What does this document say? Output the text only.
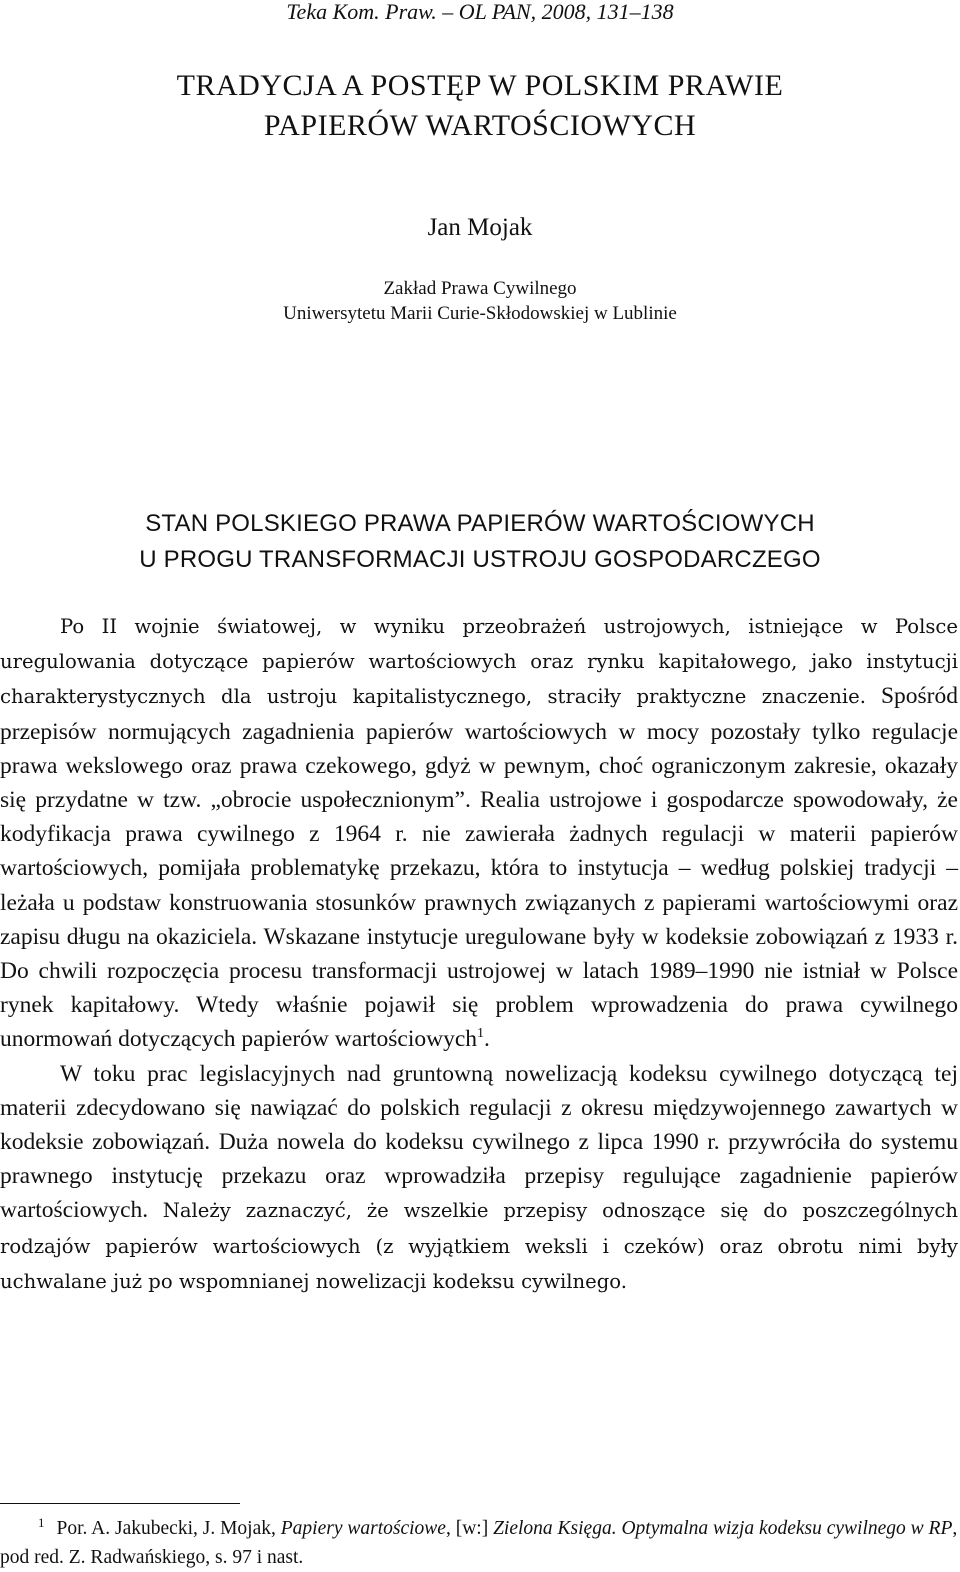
Teka Kom. Praw. – OL PAN, 2008, 131–138
TRADYCJA A POSTĘP W POLSKIM PRAWIE
PAPIERÓW WARTOŚCIOWYCH
Jan Mojak
Zakład Prawa Cywilnego
Uniwersytetu Marii Curie-Skłodowskiej w Lublinie
STAN POLSKIEGO PRAWA PAPIERÓW WARTOŚCIOWYCH
U PROGU TRANSFORMACJI USTROJU GOSPODARCZEGO

Po II wojnie światowej, w wyniku przeobrażeń ustrojowych, istniejące w Polsce uregulowania dotyczące papierów wartościowych oraz rynku kapitałowego, jako instytucji charakterystycznych dla ustroju kapitalistycznego, straciły praktyczne znaczenie. Spośród przepisów normujących zagadnienia papierów wartościowych w mocy pozostały tylko regulacje prawa wekslowego oraz prawa czekowego, gdyż w pewnym, choć ograniczonym zakresie, okazały się przydatne w tzw. „obrocie uspołecznionym”. Realia ustrojowe i gospodarcze spowodowały, że kodyfikacja prawa cywilnego z 1964 r. nie zawierała żadnych regulacji w materii papierów wartościowych, pomijała problematykę przekazu, która to instytucja – według polskiej tradycji – leżała u podstaw konstruowania stosunków prawnych związanych z papierami wartościowymi oraz zapisu długu na okaziciela. Wskazane instytucje uregulowane były w kodeksie zobowiązań z 1933 r. Do chwili rozpoczęcia procesu transformacji ustrojowej w latach 1989–1990 nie istniał w Polsce rynek kapitałowy. Wtedy właśnie pojawił się problem wprowadzenia do prawa cywilnego unormowań dotyczących papierów wartościowych$^1$.

W toku prac legislacyjnych nad gruntowną nowelizacją kodeksu cywilnego dotyczącą tej materii zdecydowano się nawiązać do polskich regulacji z okresu międzywojennego zawartych w kodeksie zobowiązań. Duża nowela do kodeksu cywilnego z lipca 1990 r. przywróciła do systemu prawnego instytucję przekazu oraz wprowadziła przepisy regulujące zagadnienie papierów wartościowych. Należy zaznaczyć, że wszelkie przepisy odnoszące się do poszczególnych rodzajów papierów wartościowych (z wyjątkiem weksli i czeków) oraz obrotu nimi były uchwalane już po wspomnianej nowelizacji kodeksu cywilnego.

$^1$ Por. A. Jakubecki, J. Mojak, Papiery wartościowe, [w:] Zielona Księga. Optymalna wizja kodeksu cywilnego w RP, pod red. Z. Radwańskiego, s. 97 i nast.
